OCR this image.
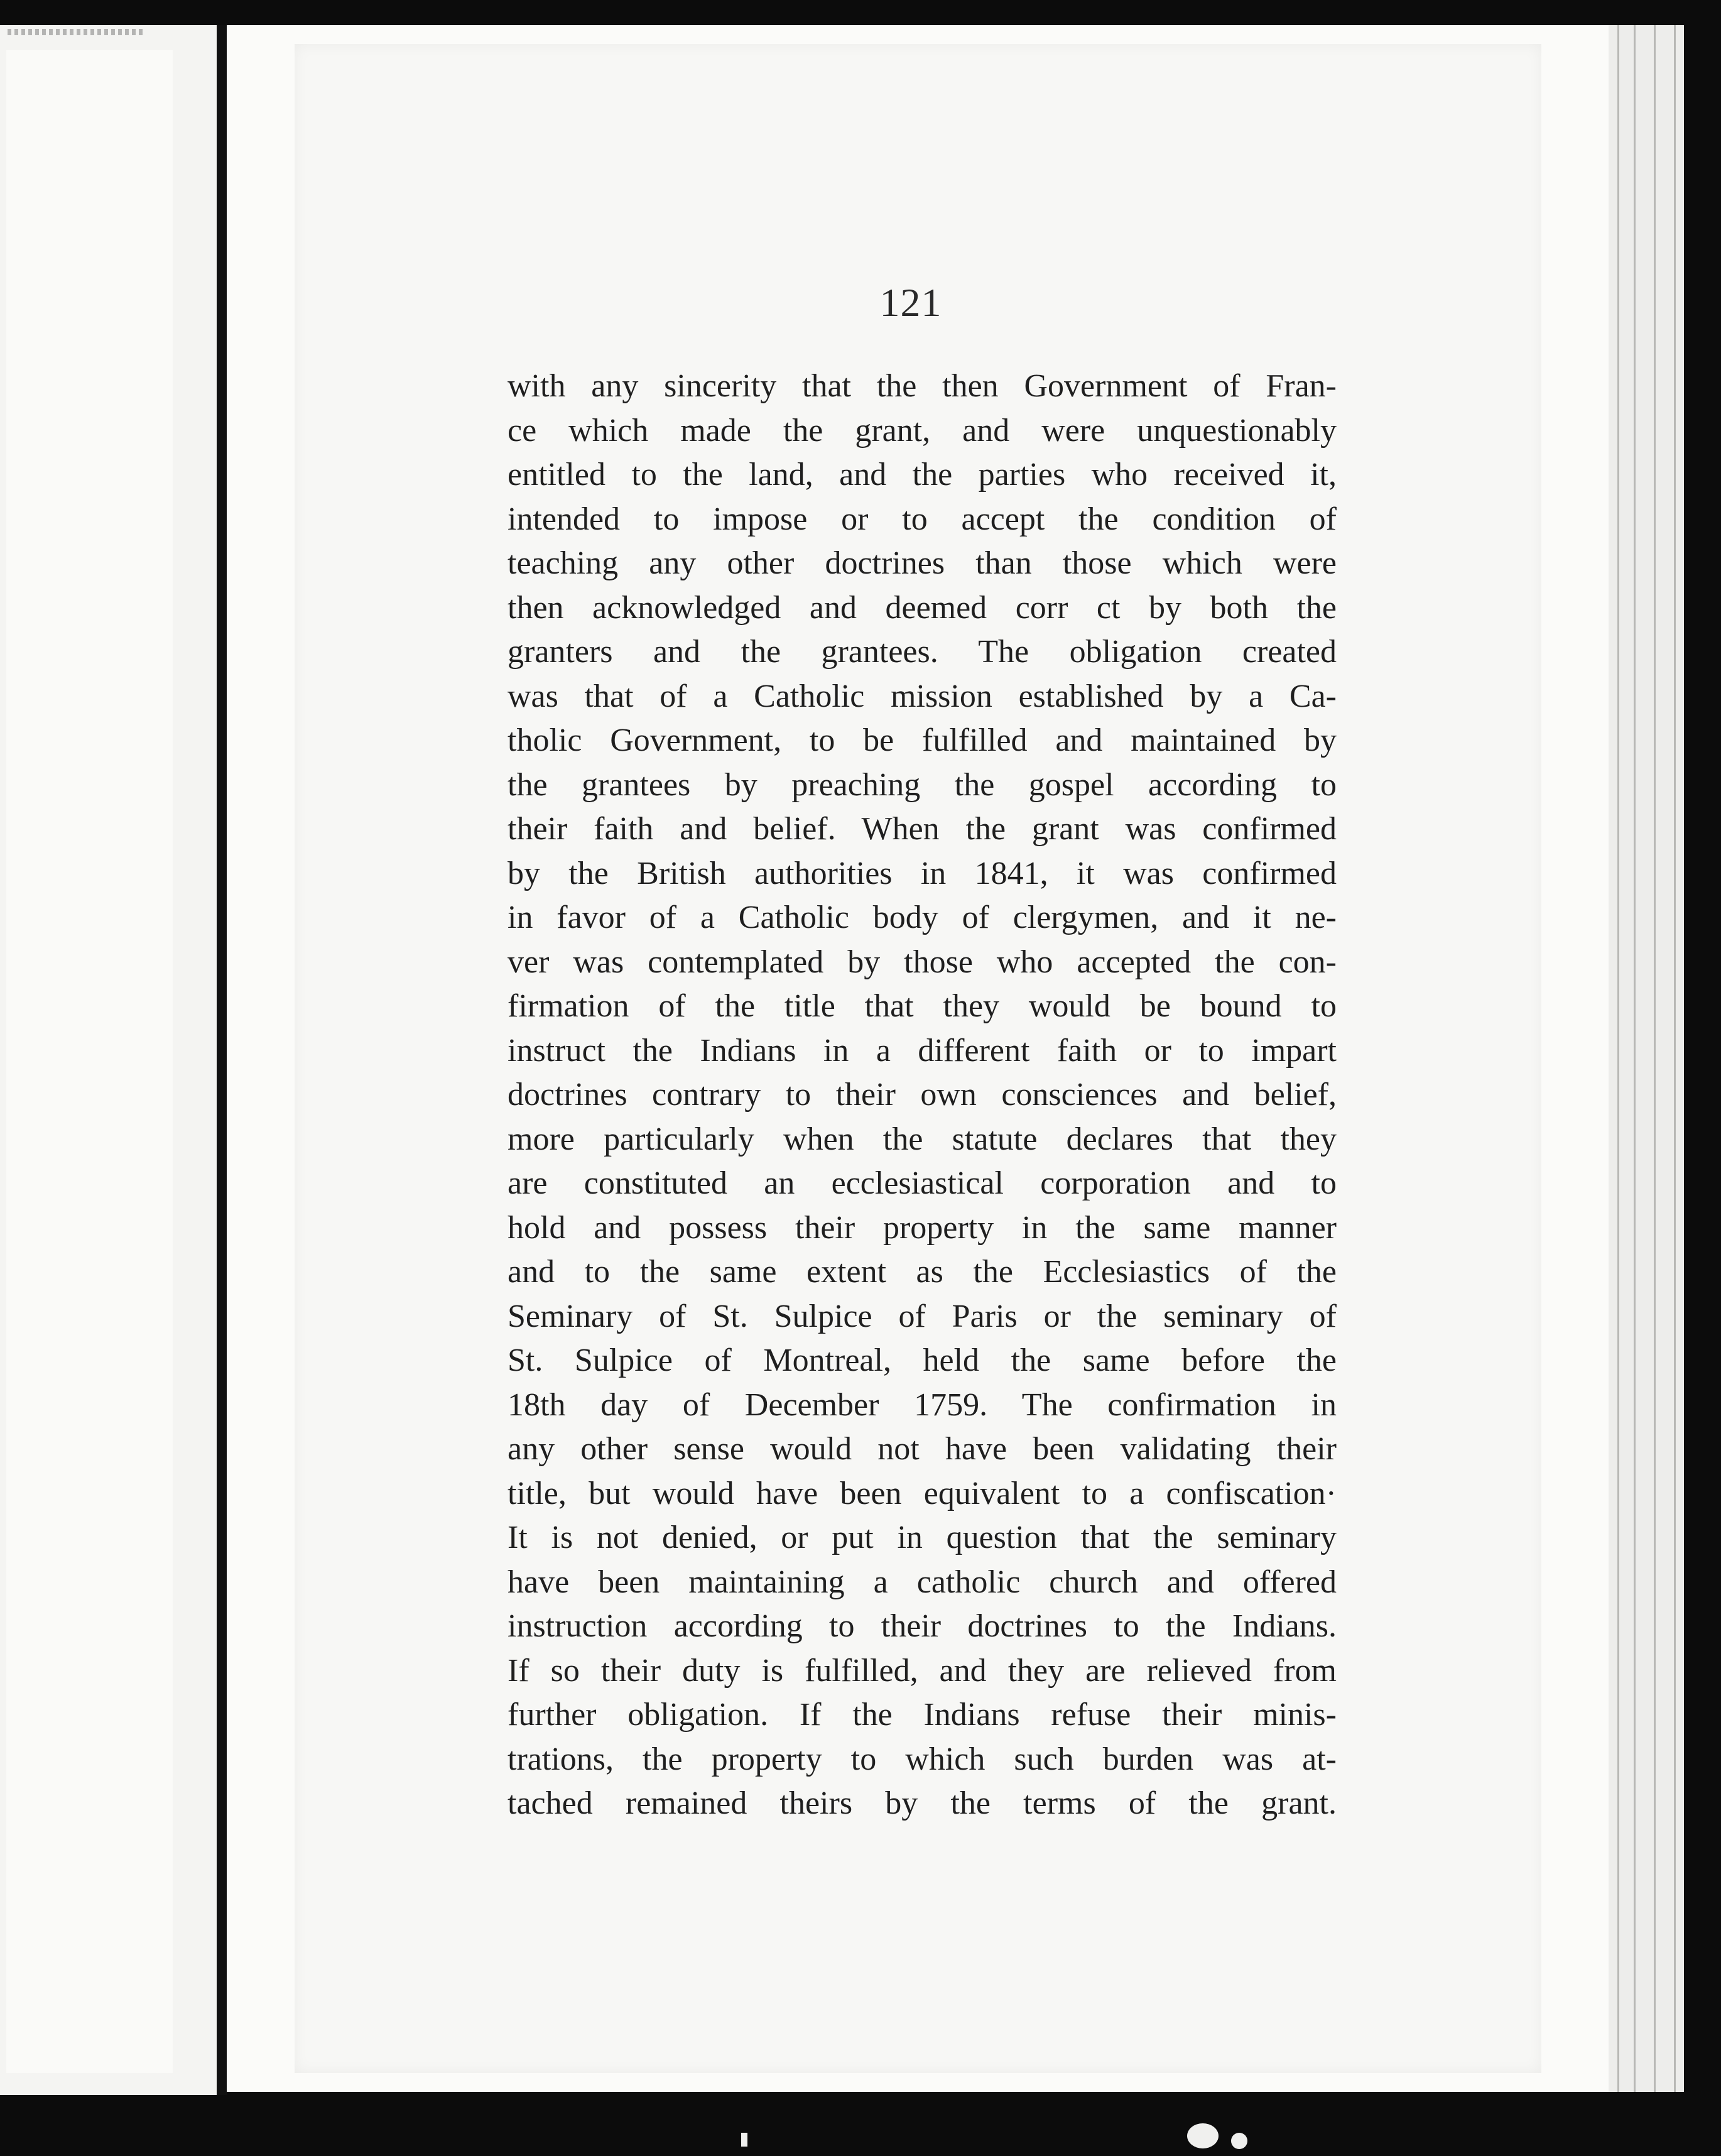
121
with any sincerity that the then Government of Fran-
ce which made the grant, and were unquestionably
entitled to the land, and the parties who received it,
intended to impose or to accept the condition of
teaching any other doctrines than those which were
then acknowledged and deemed corr ct by both the
granters and the grantees. The obligation created
was that of a Catholic mission established by a Ca-
tholic Government, to be fulfilled and maintained by
the grantees by preaching the gospel according to
their faith and belief. When the grant was confirmed
by the British authorities in 1841, it was confirmed
in favor of a Catholic body of clergymen, and it ne-
ver was contemplated by those who accepted the con-
firmation of the title that they would be bound to
instruct the Indians in a different faith or to impart
doctrines contrary to their own consciences and belief,
more particularly when the statute declares that they
are constituted an ecclesiastical corporation and to
hold and possess their property in the same manner
and to the same extent as the Ecclesiastics of the
Seminary of St. Sulpice of Paris or the seminary of
St. Sulpice of Montreal, held the same before the
18th day of December 1759. The confirmation in
any other sense would not have been validating their
title, but would have been equivalent to a confiscation·
It is not denied, or put in question that the seminary
have been maintaining a catholic church and offered
instruction according to their doctrines to the Indians.
If so their duty is fulfilled, and they are relieved from
further obligation. If the Indians refuse their minis-
trations, the property to which such burden was at-
tached remained theirs by the terms of the grant.
